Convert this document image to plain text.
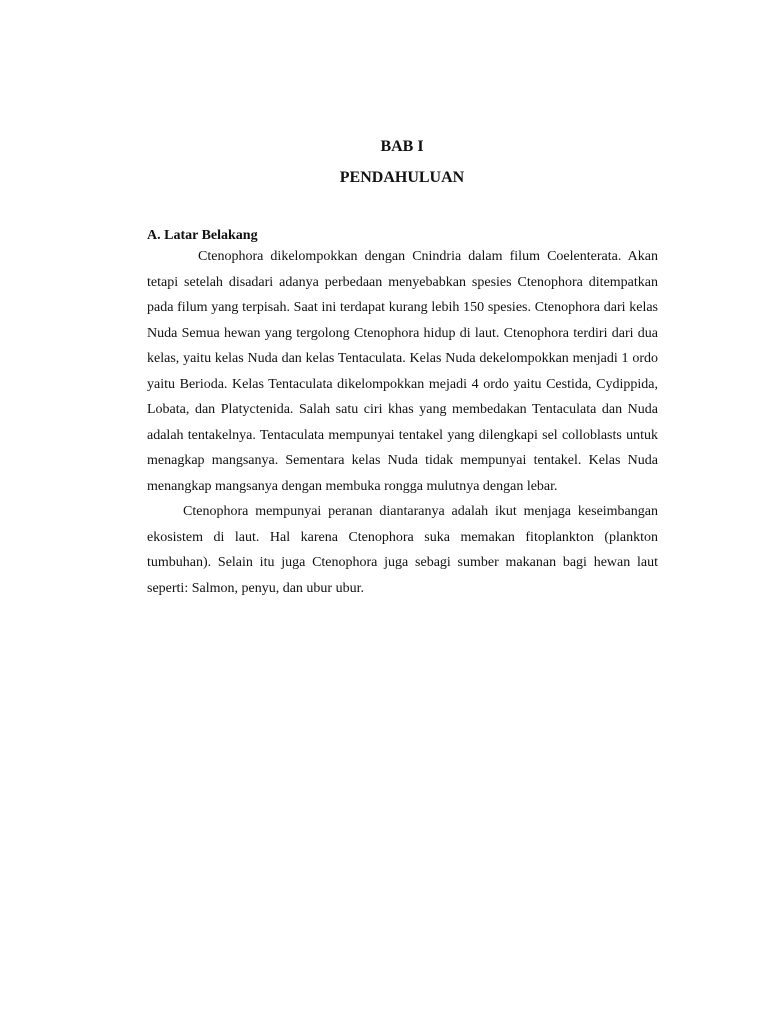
BAB I
PENDAHULUAN
A. Latar Belakang

Ctenophora dikelompokkan dengan Cnindria dalam filum Coelenterata. Akan tetapi setelah disadari adanya perbedaan menyebabkan spesies Ctenophora ditempatkan pada filum yang terpisah. Saat ini terdapat kurang lebih 150 spesies. Ctenophora dari kelas Nuda Semua hewan yang tergolong Ctenophora hidup di laut. Ctenophora terdiri dari dua kelas, yaitu kelas Nuda dan kelas Tentaculata. Kelas Nuda dekelompokkan menjadi 1 ordo yaitu Berioda. Kelas Tentaculata dikelompokkan mejadi 4 ordo yaitu Cestida, Cydippida, Lobata, dan Platyctenida. Salah satu ciri khas yang membedakan Tentaculata dan Nuda adalah tentakelnya. Tentaculata mempunyai tentakel yang dilengkapi sel colloblasts untuk menagkap mangsanya. Sementara kelas Nuda tidak mempunyai tentakel. Kelas Nuda menangkap mangsanya dengan membuka rongga mulutnya dengan lebar.

Ctenophora mempunyai peranan diantaranya adalah ikut menjaga keseimbangan ekosistem di laut. Hal karena Ctenophora suka memakan fitoplankton (plankton tumbuhan). Selain itu juga Ctenophora juga sebagi sumber makanan bagi hewan laut seperti: Salmon, penyu, dan ubur ubur.
